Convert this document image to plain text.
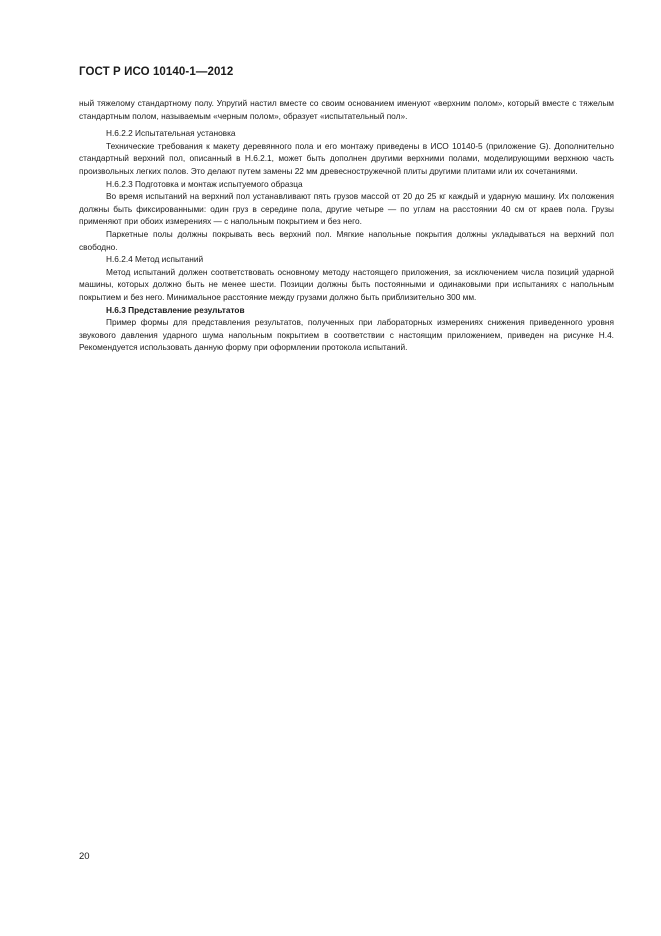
ГОСТ Р ИСО 10140-1—2012

ный тяжелому стандартному полу. Упругий настил вместе со своим основанием именуют «верхним полом», который вместе с тяжелым стандартным полом, называемым «черным полом», образует «испытательный пол».

H.6.2.2 Испытательная установка

Технические требования к макету деревянного пола и его монтажу приведены в ИСО 10140-5 (приложение G). Дополнительно стандартный верхний пол, описанный в H.6.2.1, может быть дополнен другими верхними полами, моделирующими верхнюю часть произвольных легких полов. Это делают путем замены 22 мм древесностружечной плиты другими плитами или их сочетаниями.

H.6.2.3 Подготовка и монтаж испытуемого образца

Во время испытаний на верхний пол устанавливают пять грузов массой от 20 до 25 кг каждый и ударную машину. Их положения должны быть фиксированными: один груз в середине пола, другие четыре — по углам на расстоянии 40 см от краев пола. Грузы применяют при обоих измерениях — с напольным покрытием и без него.

Паркетные полы должны покрывать весь верхний пол. Мягкие напольные покрытия должны укладываться на верхний пол свободно.

H.6.2.4 Метод испытаний

Метод испытаний должен соответствовать основному методу настоящего приложения, за исключением числа позиций ударной машины, которых должно быть не менее шести. Позиции должны быть постоянными и одинаковыми при испытаниях с напольным покрытием и без него. Минимальное расстояние между грузами должно быть приблизительно 300 мм.

H.6.3 Представление результатов

Пример формы для представления результатов, полученных при лабораторных измерениях снижения приведенного уровня звукового давления ударного шума напольным покрытием в соответствии с настоящим приложением, приведен на рисунке H.4. Рекомендуется использовать данную форму при оформлении протокола испытаний.

20
